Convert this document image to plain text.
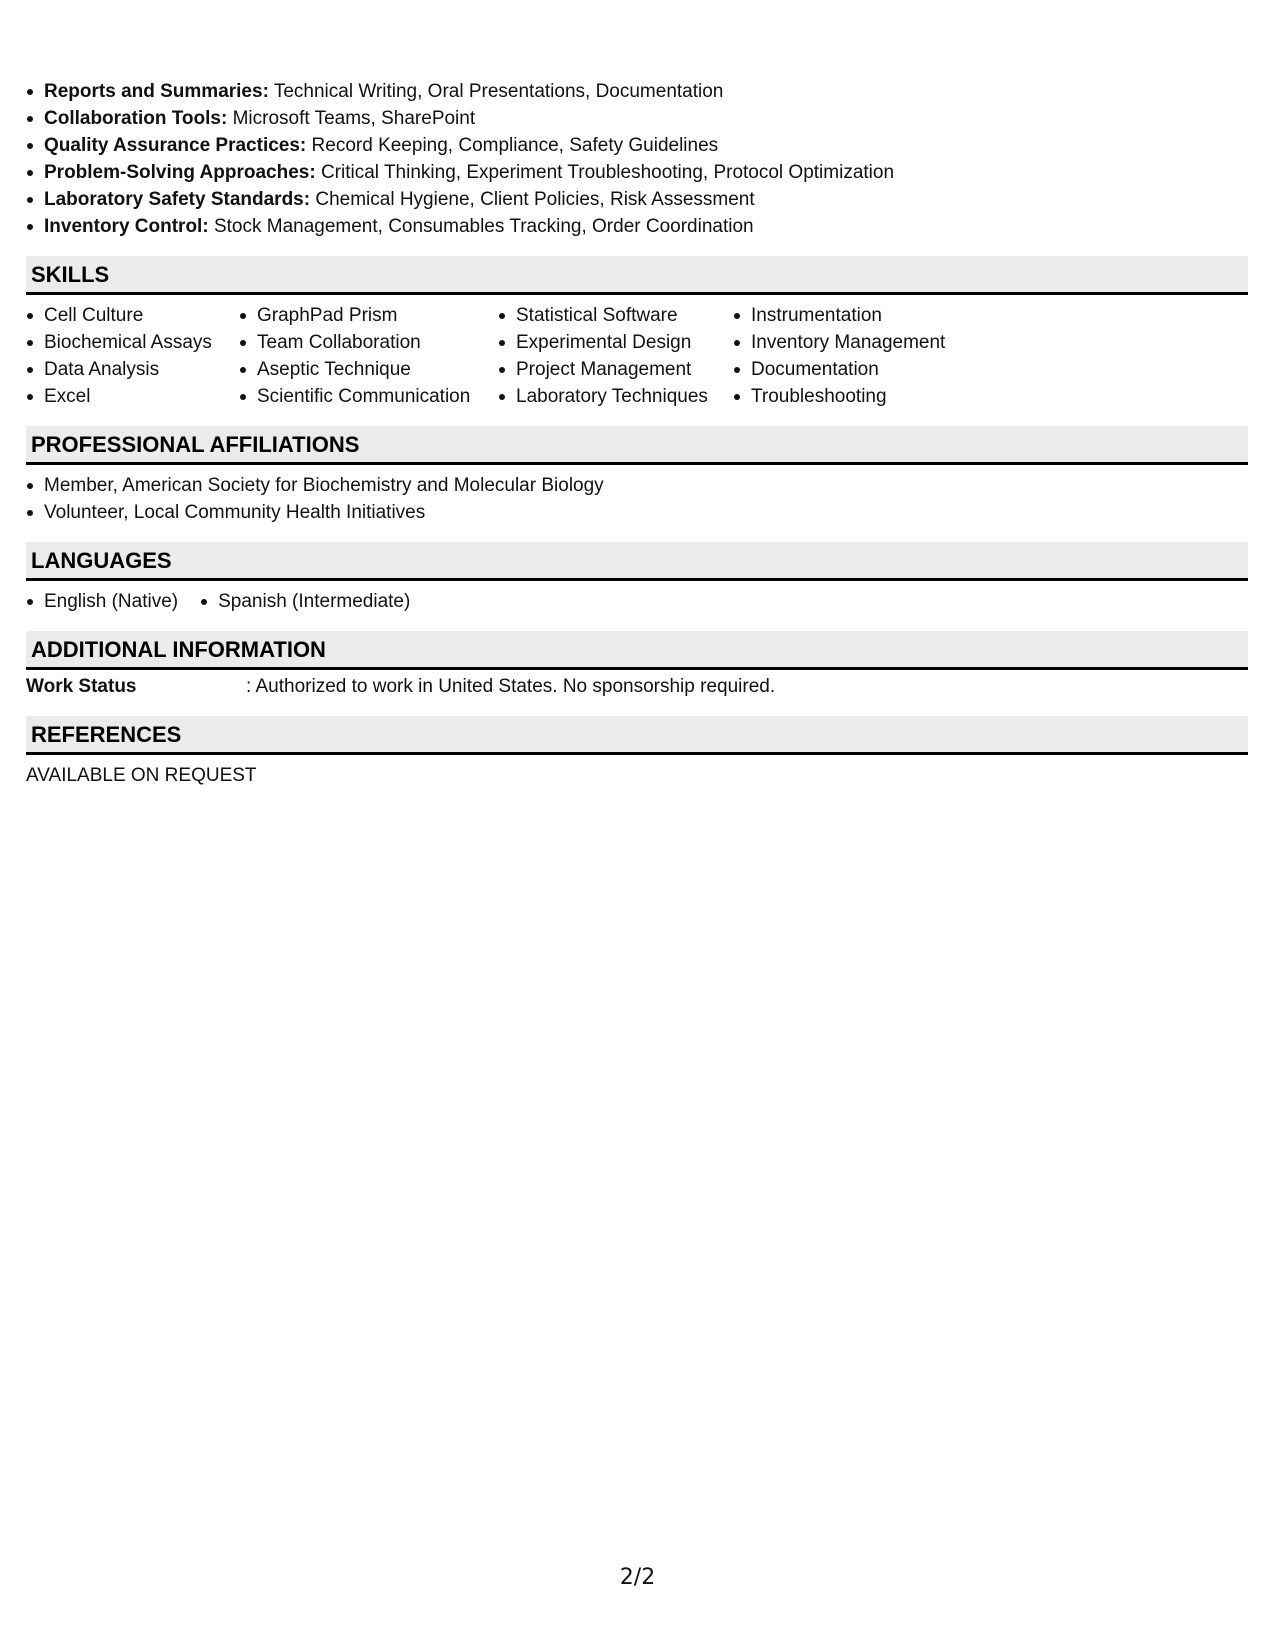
Reports and Summaries: Technical Writing, Oral Presentations, Documentation
Collaboration Tools: Microsoft Teams, SharePoint
Quality Assurance Practices: Record Keeping, Compliance, Safety Guidelines
Problem-Solving Approaches: Critical Thinking, Experiment Troubleshooting, Protocol Optimization
Laboratory Safety Standards: Chemical Hygiene, Client Policies, Risk Assessment
Inventory Control: Stock Management, Consumables Tracking, Order Coordination
SKILLS
Cell Culture
Biochemical Assays
Data Analysis
Excel
GraphPad Prism
Team Collaboration
Aseptic Technique
Scientific Communication
Statistical Software
Experimental Design
Project Management
Laboratory Techniques
Instrumentation
Inventory Management
Documentation
Troubleshooting
PROFESSIONAL AFFILIATIONS
Member, American Society for Biochemistry and Molecular Biology
Volunteer, Local Community Health Initiatives
LANGUAGES
English (Native)	Spanish (Intermediate)
ADDITIONAL INFORMATION
Work Status	: Authorized to work in United States. No sponsorship required.
REFERENCES
AVAILABLE ON REQUEST
2/2
